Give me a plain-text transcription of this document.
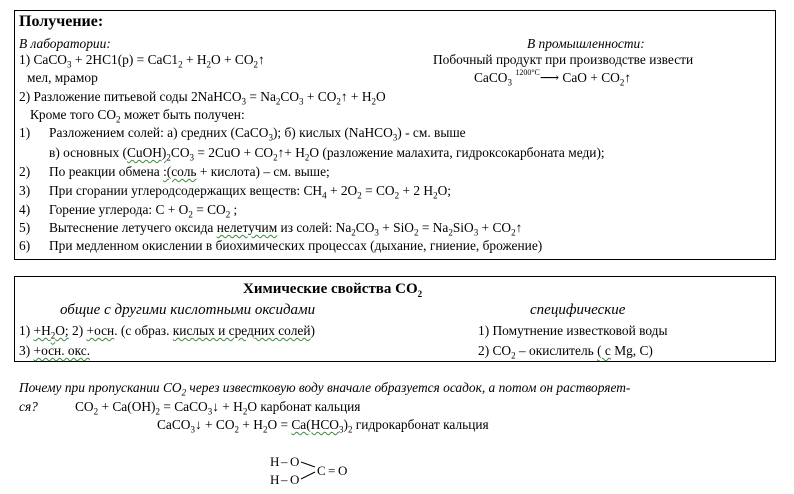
Получение:
В лаборатории:	В промышленности:
1) CaCO$_3$ + $2HC1(р) = CaC1_2 + H_2O$ + $CO_2↑$	Побочный продукт при производстве извести
мел, мрамор	CaCO$_3$ $^{1200^\circ C}$⟶ CaO + $CO_2↑$
2) Разложение питьевой соды 2NaHCO$_3$ = $Na_2CO_3$ + $CO_2↑ + H_2O$
Кроме того $CO_2$ может быть получен:
1) Разложением солей: а) средних (CaCO$_3$); б) кислых (NaHCO$_3$) - см. выше
в) основных $(CuOH)_2CO_3 = 2CuO$ + $CO_2↑+ H_2O$ (разложение малахита, гидроксокарбоната меди);
2) По реакции обмена :(соль + кислота) – см. выше;
3) При сгорании углеродсодержащих веществ: $CH_4 + 2O_2 = CO_2 + 2$ $H_2O$;
4) Горение углерода: $C + O_2 = CO_2$ ;
5) Вытеснение летучего оксида нелетучим из солей: $Na_2CO_3 + SiO_2 = Na_2SiO_3$ + $CO_2↑$
6) При медленном окислении в биохимических процессах (дыхание, гниение, брожение)
Химические свойства $CO_2$
общие с другими кислотными оксидами	специфические
$1) +H_2O$; 2) +осн. (с образ. кислых и средних солей)	1) Помутнение известковой воды
3) +осн. окс.	2) $CO_2$ – окислитель ( с Mg, C)
Почему при пропускании $CO_2$ через известковую воду вначале образуется осадок, а потом он растворяет-
ся?	$CO_2 + Ca(OH)_2$ = CaCO$_3$↓ + $H_2O$ карбонат кальция
CaCO$_3$↓ + $CO_2 + H_2O = Ca(HCO_3)_2$ гидрокарбонат кальция
H – O
H – O
C = O
